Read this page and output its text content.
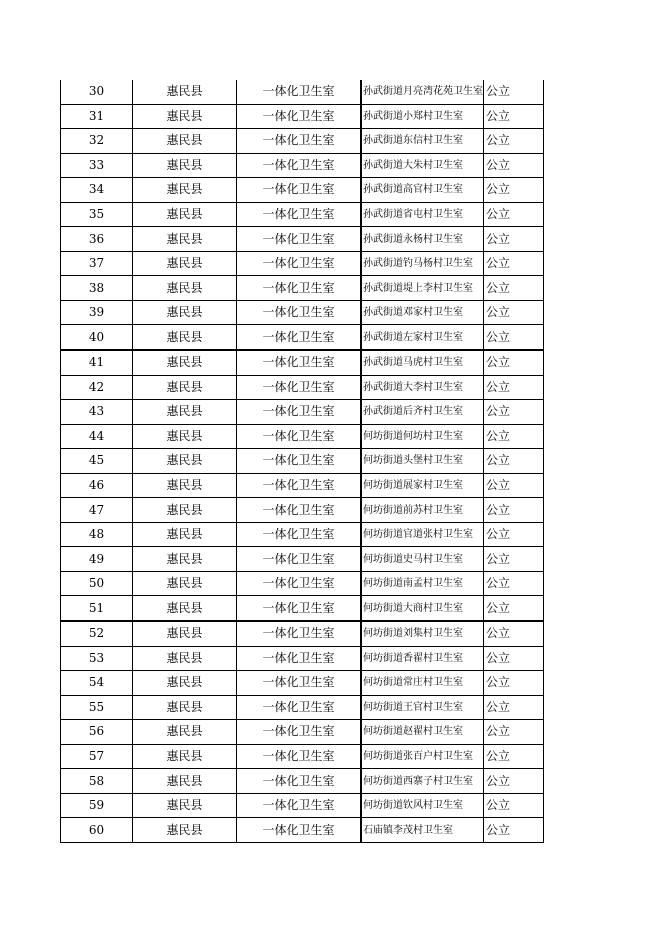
30	惠民县	一体化卫生室	孙武街道月亮湾花苑卫生室	公立
31	惠民县	一体化卫生室	孙武街道小郑村卫生室	公立
32	惠民县	一体化卫生室	孙武街道东信村卫生室	公立
33	惠民县	一体化卫生室	孙武街道大朱村卫生室	公立
34	惠民县	一体化卫生室	孙武街道高官村卫生室	公立
35	惠民县	一体化卫生室	孙武街道省屯村卫生室	公立
36	惠民县	一体化卫生室	孙武街道永杨村卫生室	公立
37	惠民县	一体化卫生室	孙武街道钓马杨村卫生室	公立
38	惠民县	一体化卫生室	孙武街道堤上李村卫生室	公立
39	惠民县	一体化卫生室	孙武街道邓家村卫生室	公立
40	惠民县	一体化卫生室	孙武街道左家村卫生室	公立
41	惠民县	一体化卫生室	孙武街道马虎村卫生室	公立
42	惠民县	一体化卫生室	孙武街道大李村卫生室	公立
43	惠民县	一体化卫生室	孙武街道后齐村卫生室	公立
44	惠民县	一体化卫生室	何坊街道何坊村卫生室	公立
45	惠民县	一体化卫生室	何坊街道头堡村卫生室	公立
46	惠民县	一体化卫生室	何坊街道展家村卫生室	公立
47	惠民县	一体化卫生室	何坊街道前苏村卫生室	公立
48	惠民县	一体化卫生室	何坊街道官道张村卫生室	公立
49	惠民县	一体化卫生室	何坊街道史马村卫生室	公立
50	惠民县	一体化卫生室	何坊街道南孟村卫生室	公立
51	惠民县	一体化卫生室	何坊街道大商村卫生室	公立
52	惠民县	一体化卫生室	何坊街道刘集村卫生室	公立
53	惠民县	一体化卫生室	何坊街道香翟村卫生室	公立
54	惠民县	一体化卫生室	何坊街道常庄村卫生室	公立
55	惠民县	一体化卫生室	何坊街道王官村卫生室	公立
56	惠民县	一体化卫生室	何坊街道赵翟村卫生室	公立
57	惠民县	一体化卫生室	何坊街道张百户村卫生室	公立
58	惠民县	一体化卫生室	何坊街道西寨子村卫生室	公立
59	惠民县	一体化卫生室	何坊街道钦风村卫生室	公立
60	惠民县	一体化卫生室	石庙镇李茂村卫生室	公立
